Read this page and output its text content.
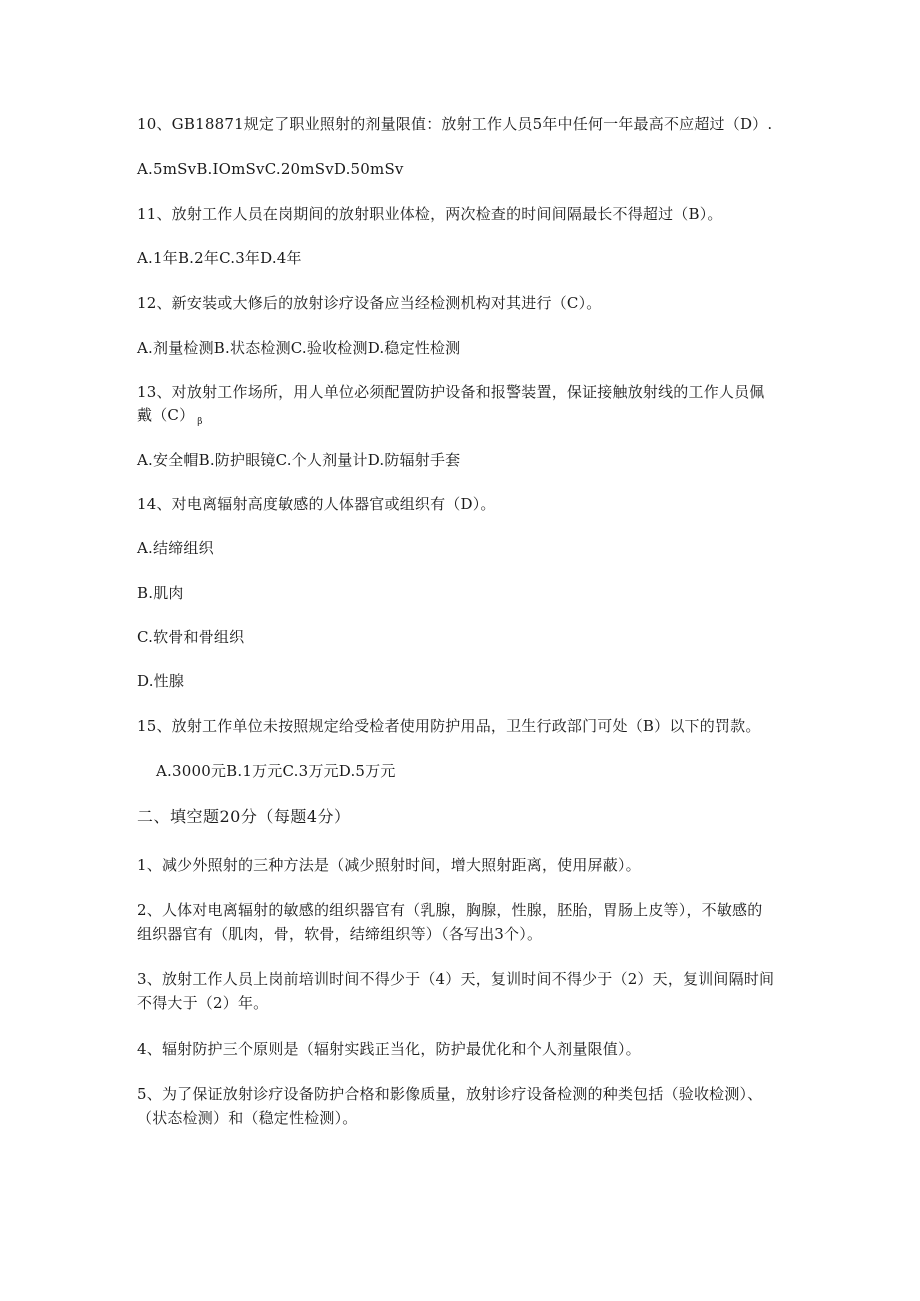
10、GB18871规定了职业照射的剂量限值：放射工作人员5年中任何一年最高不应超过（D）.
A.5mSvB.IOmSvC.20mSvD.50mSv
11、放射工作人员在岗期间的放射职业体检，两次检查的时间间隔最长不得超过（B）。
A.1年B.2年C.3年D.4年
12、新安装或大修后的放射诊疗设备应当经检测机构对其进行（C）。
A.剂量检测B.状态检测C.验收检测D.稳定性检测
13、对放射工作场所，用人单位必须配置防护设备和报警装置，保证接触放射线的工作人员佩
戴（C） $_\beta$
A.安全帽B.防护眼镜C.个人剂量计D.防辐射手套
14、对电离辐射高度敏感的人体器官或组织有（D）。
A.结缔组织
B.肌肉
C.软骨和骨组织
D.性腺
15、放射工作单位未按照规定给受检者使用防护用品，卫生行政部门可处（B）以下的罚款。
A.3000元B.1万元C.3万元D.5万元
二、填空题20分（每题4分）
1、减少外照射的三种方法是（减少照射时间，增大照射距离，使用屏蔽）。
2、人体对电离辐射的敏感的组织器官有（乳腺，胸腺，性腺，胚胎，胃肠上皮等），不敏感的
组织器官有（肌肉，骨，软骨，结缔组织等）（各写出3个）。
3、放射工作人员上岗前培训时间不得少于（4）天，复训时间不得少于（2）天，复训间隔时间
不得大于（2）年。
4、辐射防护三个原则是（辐射实践正当化，防护最优化和个人剂量限值）。
5、为了保证放射诊疗设备防护合格和影像质量，放射诊疗设备检测的种类包括（验收检测）、
（状态检测）和（稳定性检测）。
